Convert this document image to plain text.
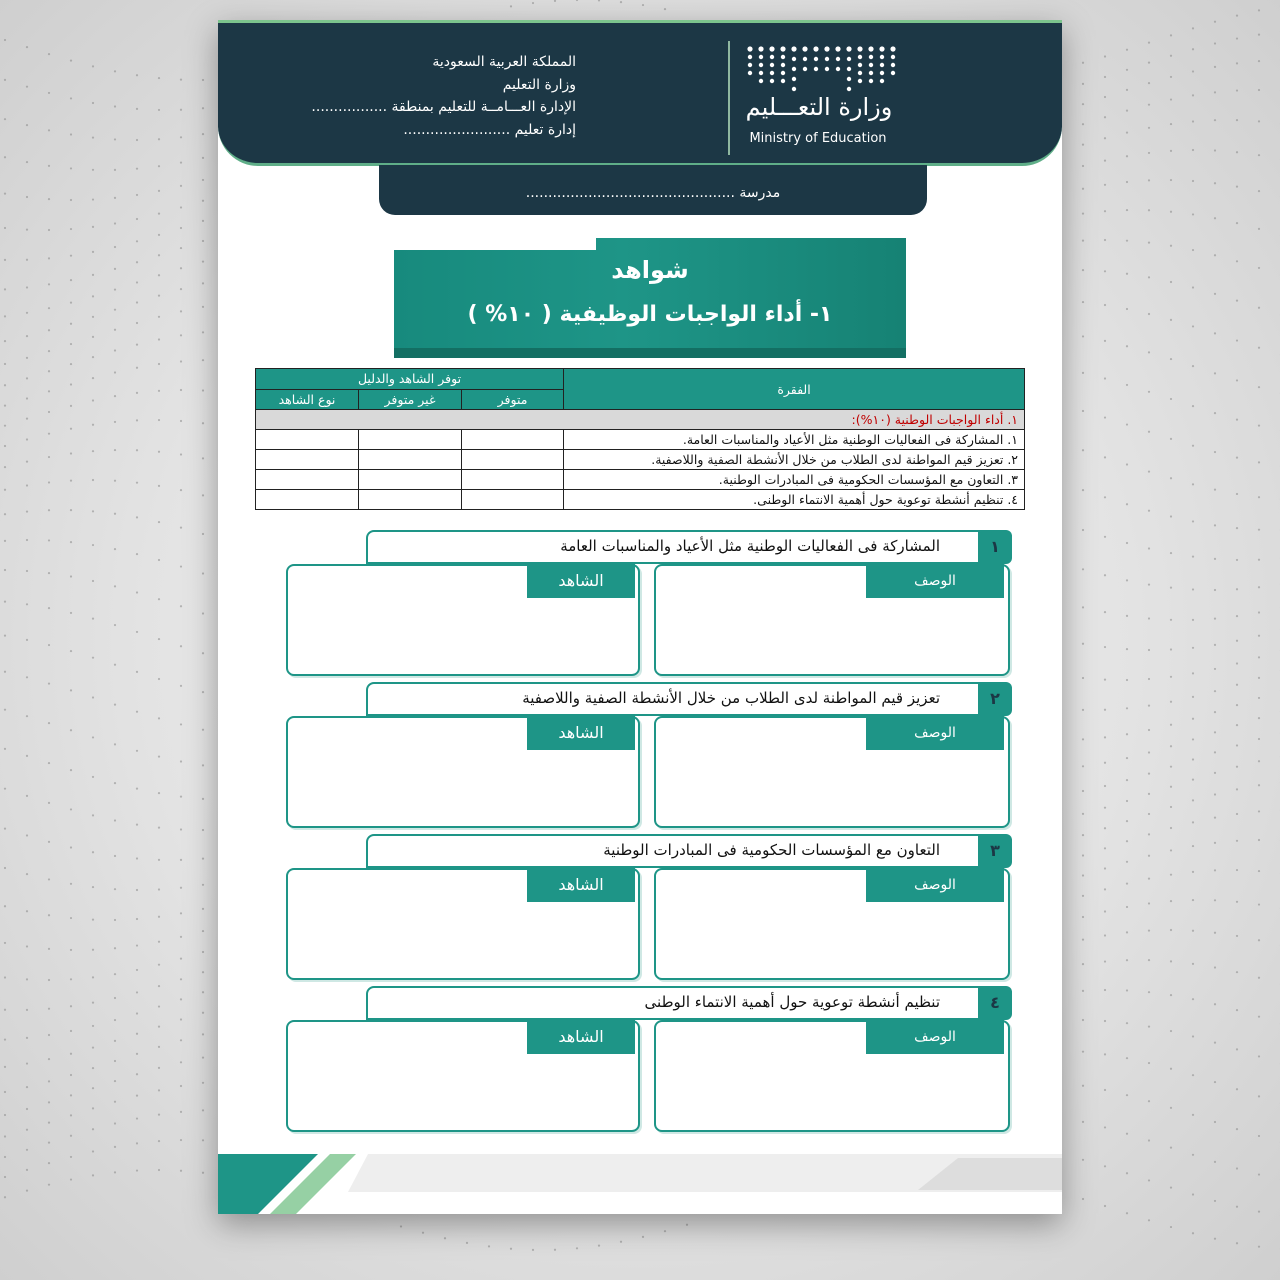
المملكة العربية السعودية
وزارة التعليم
الإدارة العـــامــة للتعليم بمنطقة .................
إدارة تعليم ........................
وزارة التعـــليم
Ministry of Education
مدرسة ...............................................
شواهد
١- أداء الواجبات الوظيفية ( ١٠% )
الفقرة	توفر الشاهد والدليل		
	متوفر	غير متوفر	نوع الشاهد
١. أداء الواجبات الوطنية (١٠%):			
١. المشاركة فى الفعاليات الوطنية مثل الأعياد والمناسبات العامة.			
٢. تعزيز قيم المواطنة لدى الطلاب من خلال الأنشطة الصفية واللاصفية.			
٣. التعاون مع المؤسسات الحكومية فى المبادرات الوطنية.			
٤. تنظيم أنشطة توعوية حول أهمية الانتماء الوطنى.			
المشاركة فى الفعاليات الوطنية مثل الأعياد والمناسبات العامة	١
الوصف
الشاهد
تعزيز قيم المواطنة لدى الطلاب من خلال الأنشطة الصفية واللاصفية	٢
الوصف
الشاهد
التعاون مع المؤسسات الحكومية فى المبادرات الوطنية	٣
الوصف
الشاهد
تنظيم أنشطة توعوية حول أهمية الانتماء الوطنى	٤
الوصف
الشاهد
